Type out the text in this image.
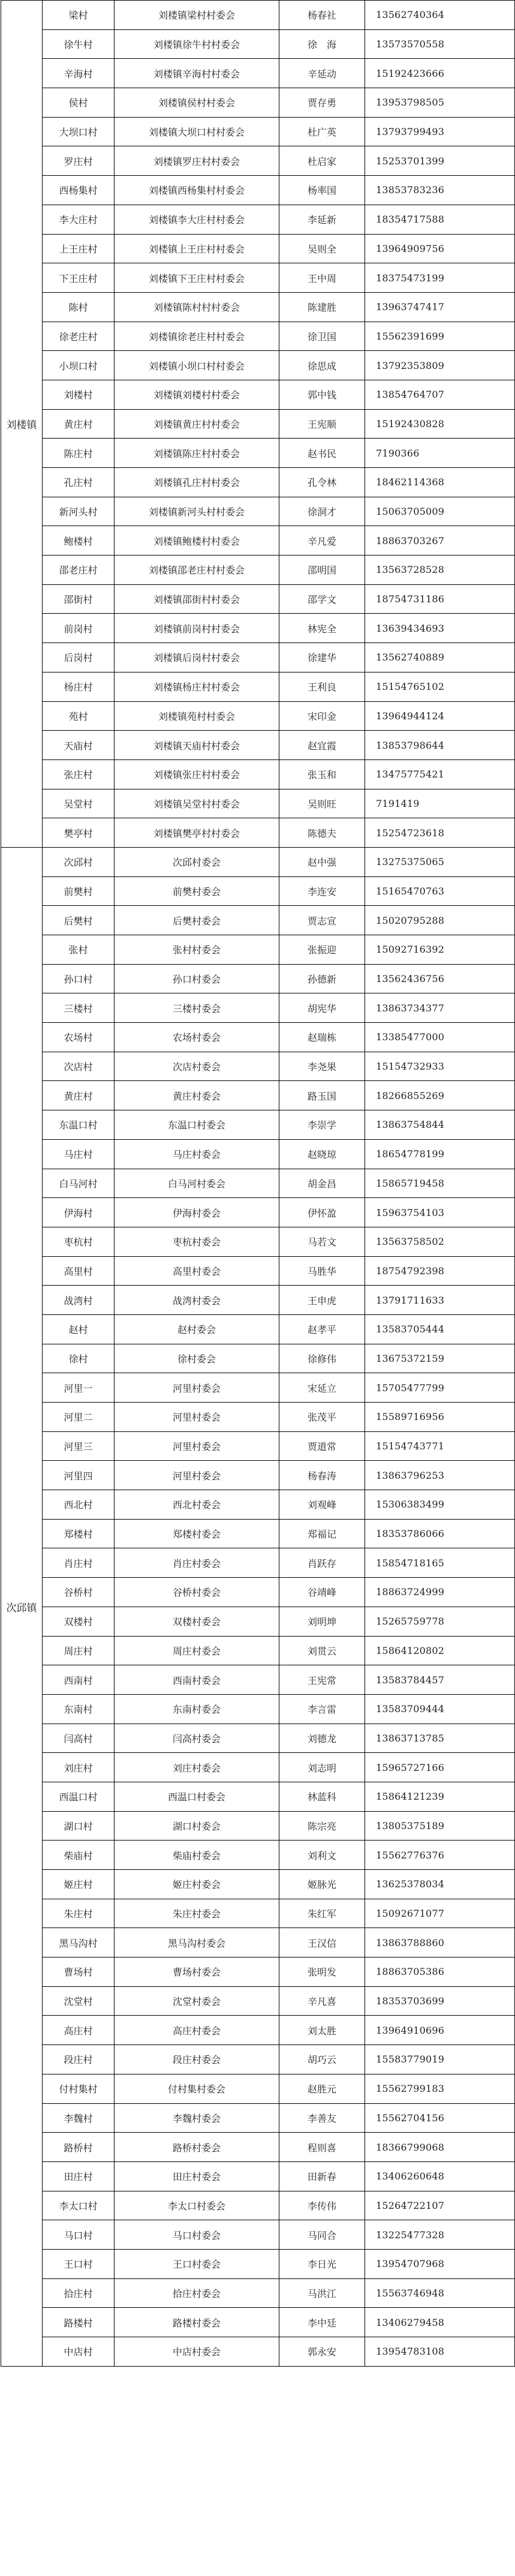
刘楼镇	梁村	刘楼镇梁村村委会	杨春社	13562740364
	徐牛村	刘楼镇徐牛村村委会	徐　海	13573570558
	辛海村	刘楼镇辛海村村委会	辛延动	15192423666
	侯村	刘楼镇侯村村委会	贾存勇	13953798505
	大坝口村	刘楼镇大坝口村村委会	杜广英	13793799493
	罗庄村	刘楼镇罗庄村村委会	杜启家	15253701399
	西杨集村	刘楼镇西杨集村村委会	杨率国	13853783236
	李大庄村	刘楼镇李大庄村村委会	李延新	18354717588
	上王庄村	刘楼镇上王庄村村委会	吴则全	13964909756
	下王庄村	刘楼镇下王庄村村委会	王中周	18375473199
	陈村	刘楼镇陈村村村委会	陈建胜	13963747417
	徐老庄村	刘楼镇徐老庄村村委会	徐卫国	15562391699
	小坝口村	刘楼镇小坝口村村委会	徐思成	13792353809
	刘楼村	刘楼镇刘楼村村委会	郭中钱	13854764707
	黄庄村	刘楼镇黄庄村村委会	王宪顺	15192430828
	陈庄村	刘楼镇陈庄村村委会	赵书民	7190366
	孔庄村	刘楼镇孔庄村村委会	孔令林	18462114368
	新河头村	刘楼镇新河头村村委会	徐洞才	15063705009
	鲍楼村	刘楼镇鲍楼村村委会	辛凡爱	18863703267
	邵老庄村	刘楼镇邵老庄村村委会	邵明国	13563728528
	邵街村	刘楼镇邵街村村委会	邵学文	18754731186
	前岗村	刘楼镇前岗村村委会	林宪全	13639434693
	后岗村	刘楼镇后岗村村委会	徐建华	13562740889
	杨庄村	刘楼镇杨庄村村委会	王利良	15154765102
	苑村	刘楼镇苑村村委会	宋印金	13964944124
	天庙村	刘楼镇天庙村村委会	赵宜霞	13853798644
	张庄村	刘楼镇张庄村村委会	张玉和	13475775421
	吴堂村	刘楼镇吴堂村村委会	吴则旺	7191419
	樊亭村	刘楼镇樊亭村村委会	陈德夫	15254723618
次邱镇	次邱村	次邱村委会	赵中强	13275375065
	前樊村	前樊村委会	李连安	15165470763
	后樊村	后樊村委会	贾志宣	15020795288
	张村	张村村委会	张振迎	15092716392
	孙口村	孙口村委会	孙德新	13562436756
	三楼村	三楼村委会	胡宪华	13863734377
	农场村	农场村委会	赵瑞栋	13385477000
	次店村	次店村委会	李尧果	15154732933
	黄庄村	黄庄村委会	路玉国	18266855269
	东温口村	东温口村委会	李崇学	13863754844
	马庄村	马庄村委会	赵晓琼	18654778199
	白马河村	白马河村委会	胡金昌	15865719458
	伊海村	伊海村委会	伊怀盈	15963754103
	枣杭村	枣杭村委会	马若文	13563758502
	高里村	高里村委会	马胜华	18754792398
	战湾村	战湾村委会	王申虎	13791711633
	赵村	赵村委会	赵孝平	13583705444
	徐村	徐村委会	徐修伟	13675372159
	河里一	河里村委会	宋延立	15705477799
	河里二	河里村委会	张茂平	15589716956
	河里三	河里村委会	贾道常	15154743771
	河里四	河里村委会	杨春涛	13863796253
	西北村	西北村委会	刘观峰	15306383499
	郑楼村	郑楼村委会	郑福记	18353786066
	肖庄村	肖庄村委会	肖跃存	15854718165
	谷桥村	谷桥村委会	谷靖峰	18863724999
	双楼村	双楼村委会	刘明坤	15265759778
	周庄村	周庄村委会	刘贯云	15864120802
	西南村	西南村委会	王宪常	13583784457
	东南村	东南村委会	李言雷	13583709444
	闫高村	闫高村委会	刘德龙	13863713785
	刘庄村	刘庄村委会	刘志明	15965727166
	西温口村	西温口村委会	林蓝科	15864121239
	湖口村	湖口村委会	陈宗亮	13805375189
	柴庙村	柴庙村委会	刘利文	15562776376
	姬庄村	姬庄村委会	姬脉光	13625378034
	朱庄村	朱庄村委会	朱红军	15092671077
	黑马沟村	黑马沟村委会	王汉信	13863788860
	曹场村	曹场村委会	张明发	18863705386
	沈堂村	沈堂村委会	辛凡喜	18353703699
	高庄村	高庄村委会	刘太胜	13964910696
	段庄村	段庄村委会	胡巧云	15583779019
	付村集村	付村集村委会	赵胜元	15562799183
	李魏村	李魏村委会	李善友	15562704156
	路桥村	路桥村委会	程则喜	18366799068
	田庄村	田庄村委会	田新春	13406260648
	李太口村	李太口村委会	李传伟	15264722107
	马口村	马口村委会	马同合	13225477328
	王口村	王口村委会	李日光	13954707968
	拾庄村	拾庄村委会	马洪江	15563746948
	路楼村	路楼村委会	李中廷	13406279458
	中店村	中店村委会	郭永安	13954783108
